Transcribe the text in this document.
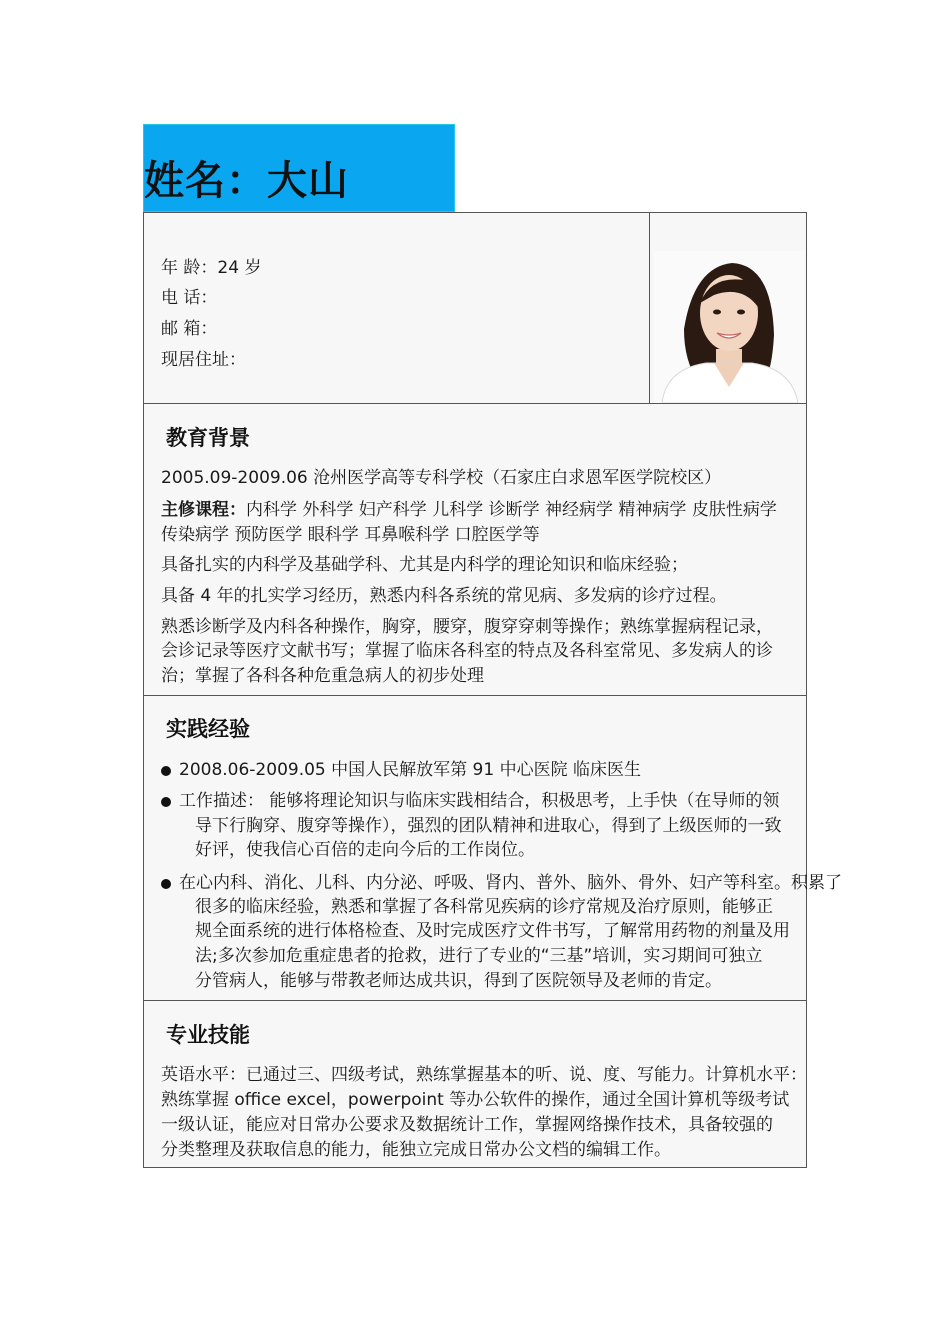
姓名：大山
年 龄：24 岁
电 话：
邮 箱：
现居住址：
教育背景
2005.09-2009.06 沧州医学高等专科学校（石家庄白求恩军医学院校区）
主修课程：内科学 外科学 妇产科学 儿科学 诊断学 神经病学 精神病学 皮肤性病学
传染病学 预防医学 眼科学 耳鼻喉科学 口腔医学等
具备扎实的内科学及基础学科、尤其是内科学的理论知识和临床经验；
具备 4 年的扎实学习经历，熟悉内科各系统的常见病、多发病的诊疗过程。
熟悉诊断学及内科各种操作，胸穿，腰穿，腹穿穿刺等操作；熟练掌握病程记录，
会诊记录等医疗文献书写；掌握了临床各科室的特点及各科室常见、多发病人的诊
治；掌握了各科各种危重急病人的初步处理
实践经验
2008.06-2009.05 中国人民解放军第 91 中心医院 临床医生
工作描述： 能够将理论知识与临床实践相结合，积极思考，上手快（在导师的领
导下行胸穿、腹穿等操作），强烈的团队精神和进取心，得到了上级医师的一致
好评，使我信心百倍的走向今后的工作岗位。
在心内科、消化、儿科、内分泌、呼吸、肾内、普外、脑外、骨外、妇产等科室。积累了
很多的临床经验，熟悉和掌握了各科常见疾病的诊疗常规及治疗原则，能够正
规全面系统的进行体格检查、及时完成医疗文件书写，了解常用药物的剂量及用
法;多次参加危重症患者的抢救，进行了专业的“三基”培训，实习期间可独立
分管病人，能够与带教老师达成共识，得到了医院领导及老师的肯定。
专业技能
英语水平：已通过三、四级考试，熟练掌握基本的听、说、度、写能力。计算机水平：
熟练掌握 office excel，powerpoint 等办公软件的操作，通过全国计算机等级考试
一级认证，能应对日常办公要求及数据统计工作，掌握网络操作技术，具备较强的
分类整理及获取信息的能力，能独立完成日常办公文档的编辑工作。
